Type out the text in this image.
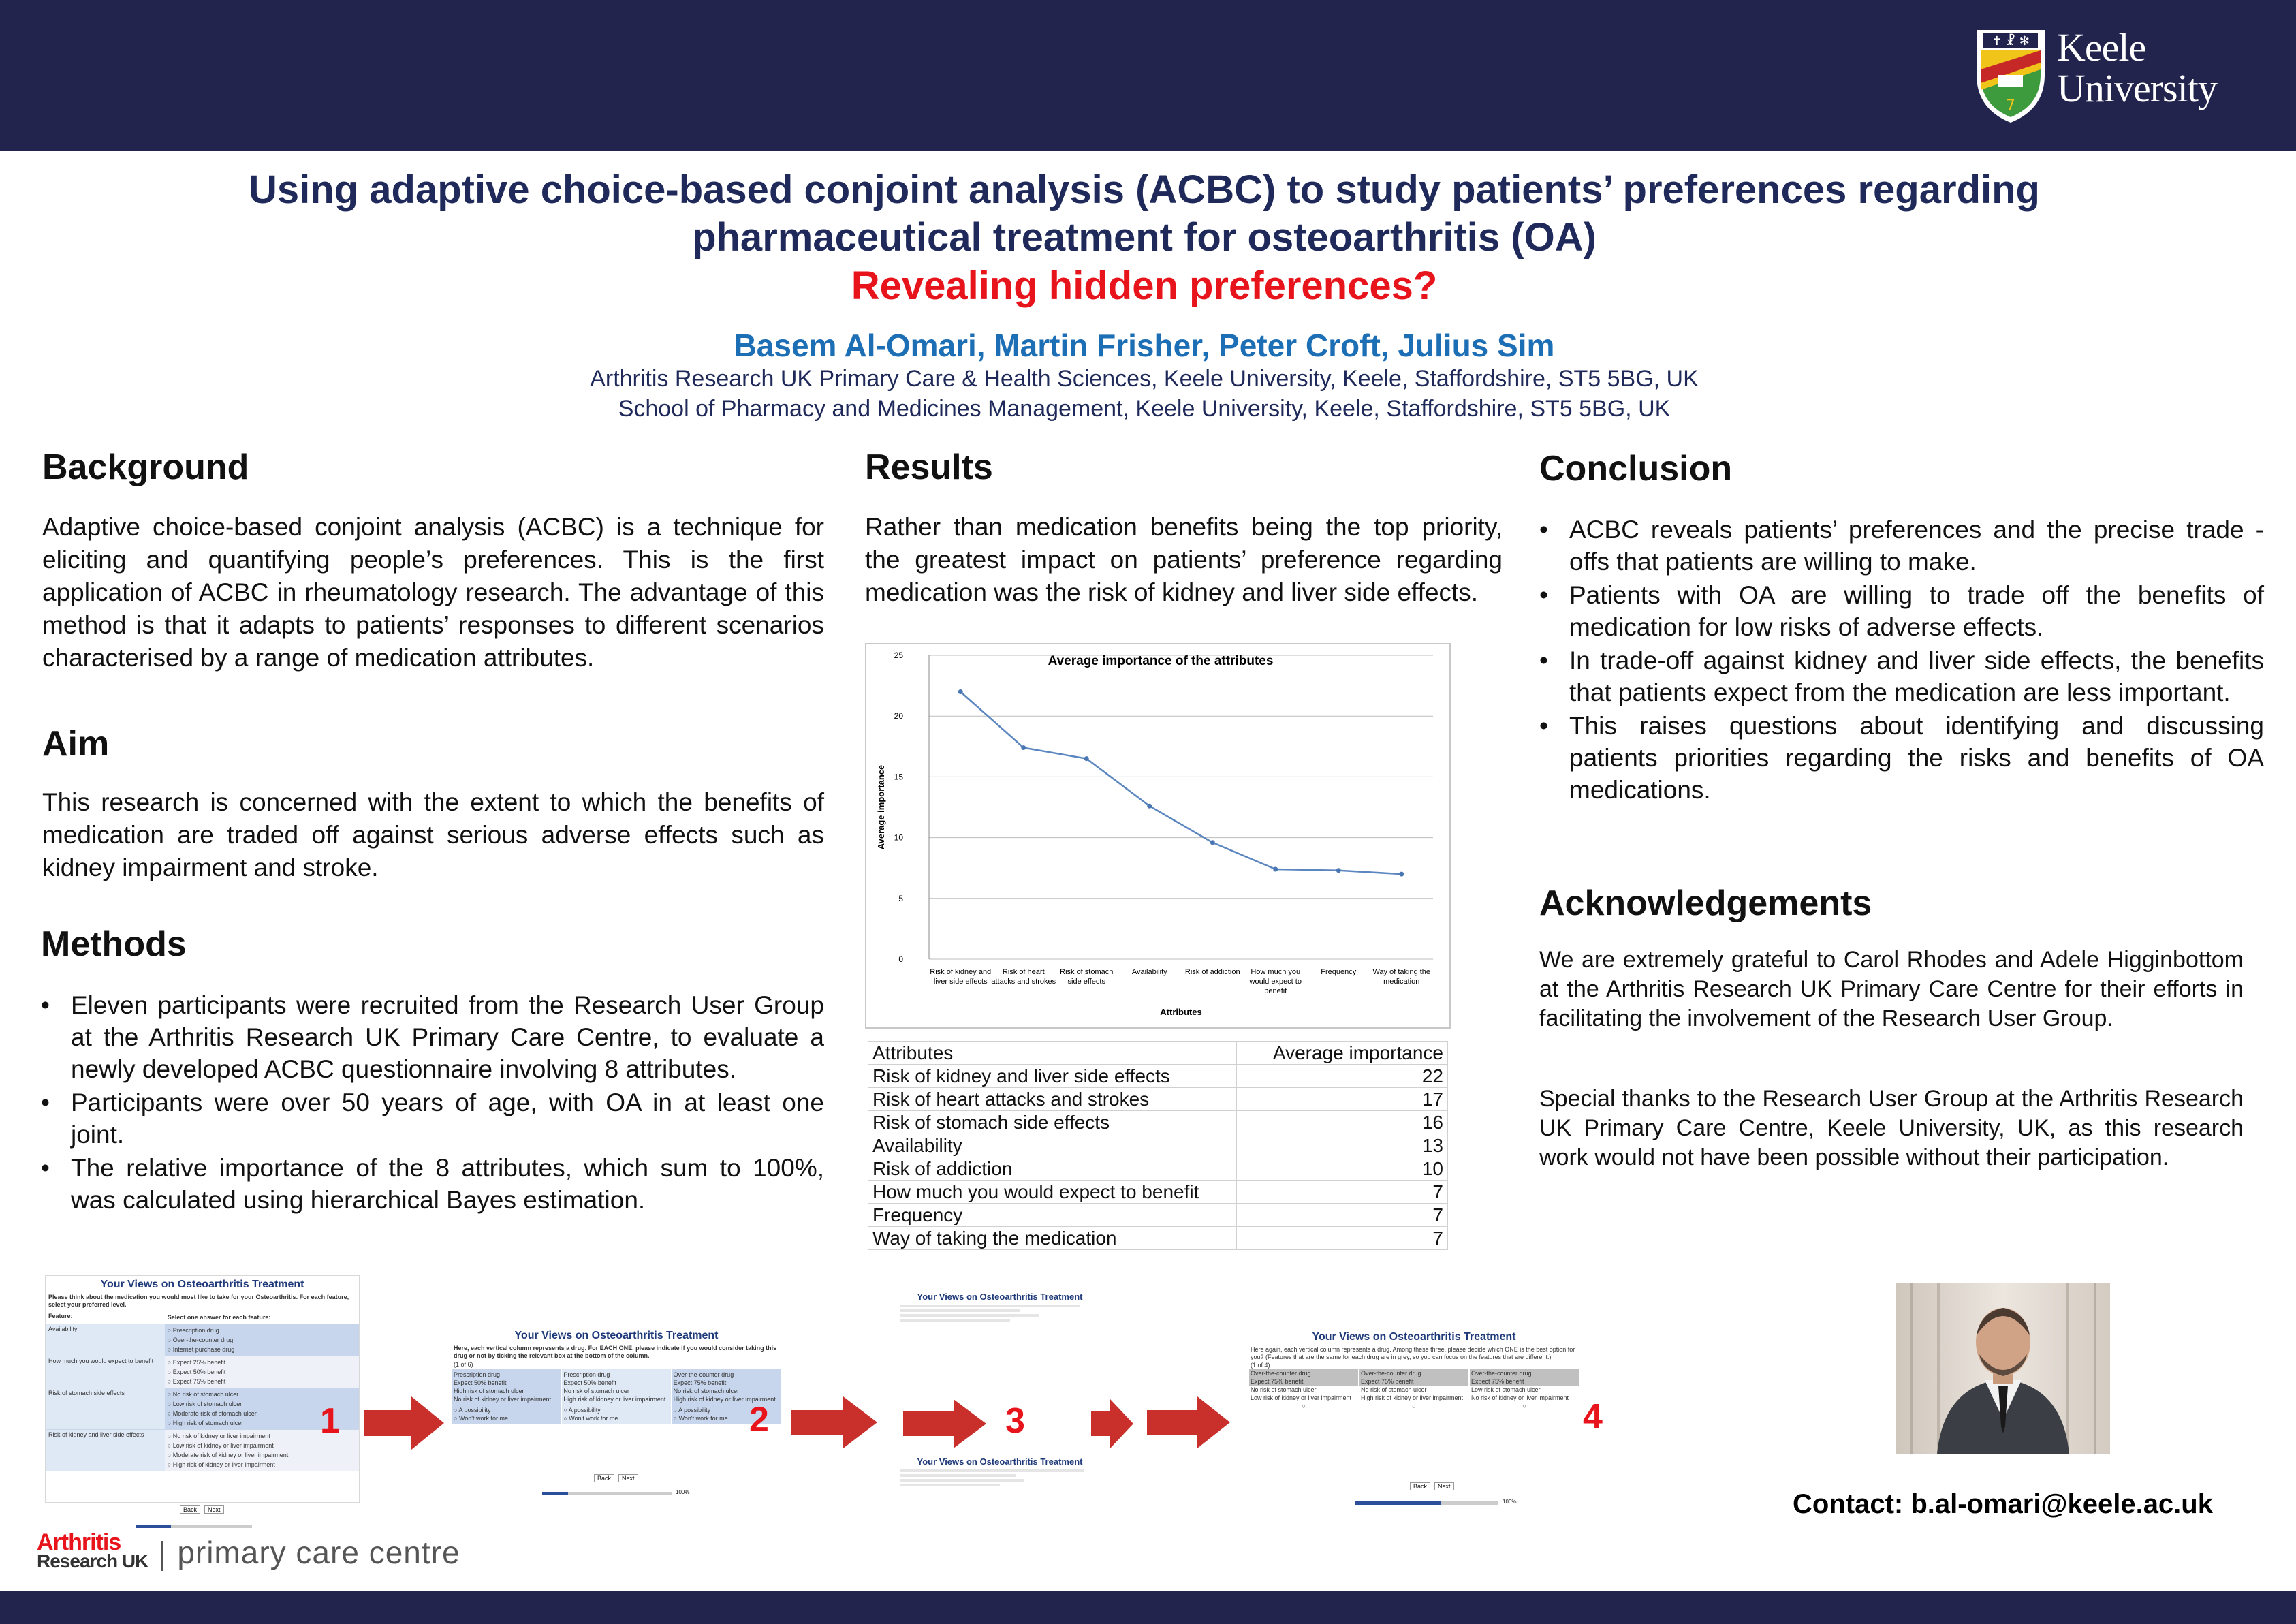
✝ ☧ ✻
7
Keele
University
Using adaptive choice-based conjoint analysis (ACBC) to study patients’ preferences regarding
pharmaceutical treatment for osteoarthritis (OA)
Revealing hidden preferences?
Basem Al-Omari, Martin Frisher, Peter Croft, Julius Sim
Arthritis Research UK Primary Care & Health Sciences, Keele University, Keele, Staffordshire, ST5 5BG, UK
School of Pharmacy and Medicines Management, Keele University, Keele, Staffordshire, ST5 5BG, UK
Background
Adaptive choice-based conjoint analysis (ACBC) is a technique for eliciting and quantifying people’s preferences. This is the first application of ACBC in rheumatology research. The advantage of this method is that it adapts to patients’ responses to different scenarios characterised by a range of medication attributes.
Aim
This research is concerned with the extent to which the benefits of medication are traded off against serious adverse effects such as kidney impairment and stroke.
Methods
• Eleven participants were recruited from the Research User Group at the Arthritis Research UK Primary Care Centre, to evaluate a newly developed ACBC questionnaire involving 8 attributes.
• Participants were over 50 years of age, with OA in at least one joint.
• The relative importance of the 8 attributes, which sum to 100%, was calculated using hierarchical Bayes estimation.
Results
Rather than medication benefits being the top priority, the greatest impact on patients’ preference regarding medication was the risk of kidney and liver side effects.
0
5
10
15
20
25	Average importance of the attributes
Average importance
Attributes
Risk of kidney and
liver side effects
Risk of heart
attacks and strokes
Risk of stomach
side effects
Availability Risk of addiction How much you
would expect to
benefit
Frequency Way of taking the
medication
Attributes	Average importance
Risk of kidney and liver side effects	22
Risk of heart attacks and strokes	17
Risk of stomach side effects	16
Availability	13
Risk of addiction	10
How much you would expect to benefit	7
Frequency	7
Way of taking the medication	7
Conclusion
• ACBC reveals patients’ preferences and the precise trade -offs that patients are willing to make.
• Patients with OA are willing to trade off the benefits of medication for low risks of adverse effects.
• In trade-off against kidney and liver side effects, the benefits that patients expect from the medication are less important.
• This raises questions about identifying and discussing patients priorities regarding the risks and benefits of OA medications.
Acknowledgements
We are extremely grateful to Carol Rhodes and Adele Higginbottom at the Arthritis Research UK Primary Care Centre for their efforts in facilitating the involvement of the Research User Group.
Special thanks to the Research User Group at the Arthritis Research UK Primary Care Centre, Keele University, UK, as this research work would not have been possible without their participation.
Your Views on Osteoarthritis Treatment
Please think about the medication you would most like to take for your Osteoarthritis. For each feature, select your preferred level.
Feature:	Select one answer for each feature:
Availability	○ Prescription drug
○ Over-the-counter drug
○ Internet purchase drug
How much you would expect to benefit	○ Expect 25% benefit
○ Expect 50% benefit
○ Expect 75% benefit
Risk of stomach side effects	○ No risk of stomach ulcer
○ Low risk of stomach ulcer
○ Moderate risk of stomach ulcer
○ High risk of stomach ulcer
Risk of kidney and liver side effects	○ No risk of kidney or liver impairment
○ Low risk of kidney or liver impairment
○ Moderate risk of kidney or liver impairment
○ High risk of kidney or liver impairment
Back	Next
1
Your Views on Osteoarthritis Treatment
Here, each vertical column represents a drug. For EACH ONE, please indicate if you would consider taking this drug or not by ticking the relevant box at the bottom of the column.
(1 of 6)
Prescription drug
Expect 50% benefit
High risk of stomach ulcer
No risk of kidney or liver impairment
○ A possibility
○ Won't work for me
Prescription drug
Expect 50% benefit
No risk of stomach ulcer
High risk of kidney or liver impairment
○ A possibility
○ Won't work for me
Over-the-counter drug
Expect 75% benefit
No risk of stomach ulcer
High risk of kidney or liver impairment
○ A possibility
○ Won't work for me
Back	Next
100%
2
Your Views on Osteoarthritis Treatment
Your Views on Osteoarthritis Treatment
3
Your Views on Osteoarthritis Treatment
Here again, each vertical column represents a drug. Among these three, please decide which ONE is the best option for you? (Features that are the same for each drug are in grey, so you can focus on the features that are different.)
(1 of 4)
Over-the-counter drug
Expect 75% benefit
No risk of stomach ulcer
Low risk of kidney or liver impairment
○
Over-the-counter drug
Expect 75% benefit
No risk of stomach ulcer
High risk of kidney or liver impairment
○
Over-the-counter drug
Expect 75% benefit
Low risk of stomach ulcer
No risk of kidney or liver impairment
○
Back	Next
100%
4
Contact: b.al-omari@keele.ac.uk
Arthritis
Research UK primary care centre
